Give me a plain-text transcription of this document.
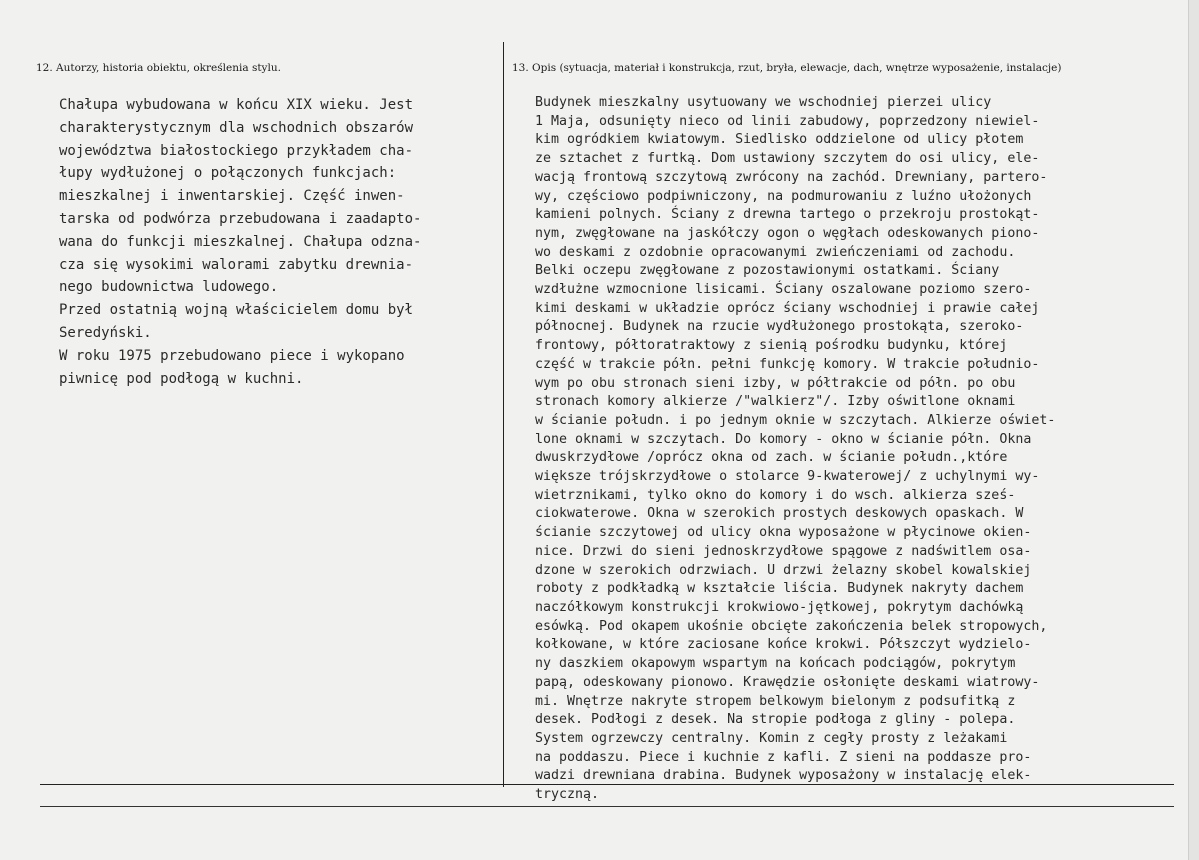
12. Autorzy, historia obiektu, określenia stylu.	13. Opis (sytuacja, materiał i konstrukcja, rzut, bryła, elewacje, dach, wnętrze wyposażenie, instalacje)
Chałupa wybudowana w końcu XIX wieku. Jest
charakterystycznym dla wschodnich obszarów
województwa białostockiego przykładem cha-
łupy wydłużonej o połączonych funkcjach:
mieszkalnej i inwentarskiej. Część inwen-
tarska od podwórza przebudowana i zaadapto-
wana do funkcji mieszkalnej. Chałupa odzna-
cza się wysokimi walorami zabytku drewnia-
nego budownictwa ludowego.
Przed ostatnią wojną właścicielem domu był
Seredyński.
W roku 1975 przebudowano piece i wykopano
piwnicę pod podłogą w kuchni.
Budynek mieszkalny usytuowany we wschodniej pierzei ulicy
1 Maja, odsunięty nieco od linii zabudowy, poprzedzony niewiel-
kim ogródkiem kwiatowym. Siedlisko oddzielone od ulicy płotem
ze sztachet z furtką. Dom ustawiony szczytem do osi ulicy, ele-
wacją frontową szczytową zwrócony na zachód. Drewniany, partero-
wy, częściowo podpiwniczony, na podmurowaniu z luźno ułożonych
kamieni polnych. Ściany z drewna tartego o przekroju prostokąt-
nym, zwęgłowane na jaskółczy ogon o węgłach odeskowanych piono-
wo deskami z ozdobnie opracowanymi zwieńczeniami od zachodu.
Belki oczepu zwęgłowane z pozostawionymi ostatkami. Ściany
wzdłużne wzmocnione lisicami. Ściany oszalowane poziomo szero-
kimi deskami w układzie oprócz ściany wschodniej i prawie całej
północnej. Budynek na rzucie wydłużonego prostokąta, szeroko-
frontowy, półtoratraktowy z sienią pośrodku budynku, której
część w trakcie półn. pełni funkcję komory. W trakcie południo-
wym po obu stronach sieni izby, w półtrakcie od półn. po obu
stronach komory alkierze /"walkierz"/. Izby oświtlone oknami
w ścianie połudn. i po jednym oknie w szczytach. Alkierze oświet-
lone oknami w szczytach. Do komory - okno w ścianie półn. Okna
dwuskrzydłowe /oprócz okna od zach. w ścianie połudn.,które
większe trójskrzydłowe o stolarce 9-kwaterowej/ z uchylnymi wy-
wietrznikami, tylko okno do komory i do wsch. alkierza sześ-
ciokwaterowe. Okna w szerokich prostych deskowych opaskach. W
ścianie szczytowej od ulicy okna wyposażone w płycinowe okien-
nice. Drzwi do sieni jednoskrzydłowe spągowe z nadświtlem osa-
dzone w szerokich odrzwiach. U drzwi żelazny skobel kowalskiej
roboty z podkładką w kształcie liścia. Budynek nakryty dachem
naczółkowym konstrukcji krokwiowo-jętkowej, pokrytym dachówką
esówką. Pod okapem ukośnie obcięte zakończenia belek stropowych,
kołkowane, w które zaciosane końce krokwi. Półszczyt wydzielo-
ny daszkiem okapowym wspartym na końcach podciągów, pokrytym
papą, odeskowany pionowo. Krawędzie osłonięte deskami wiatrowy-
mi. Wnętrze nakryte stropem belkowym bielonym z podsufitką z
desek. Podłogi z desek. Na stropie podłoga z gliny - polepa.
System ogrzewczy centralny. Komin z cegły prosty z leżakami
na poddaszu. Piece i kuchnie z kafli. Z sieni na poddasze pro-
wadzi drewniana drabina. Budynek wyposażony w instalację elek-
tryczną.
